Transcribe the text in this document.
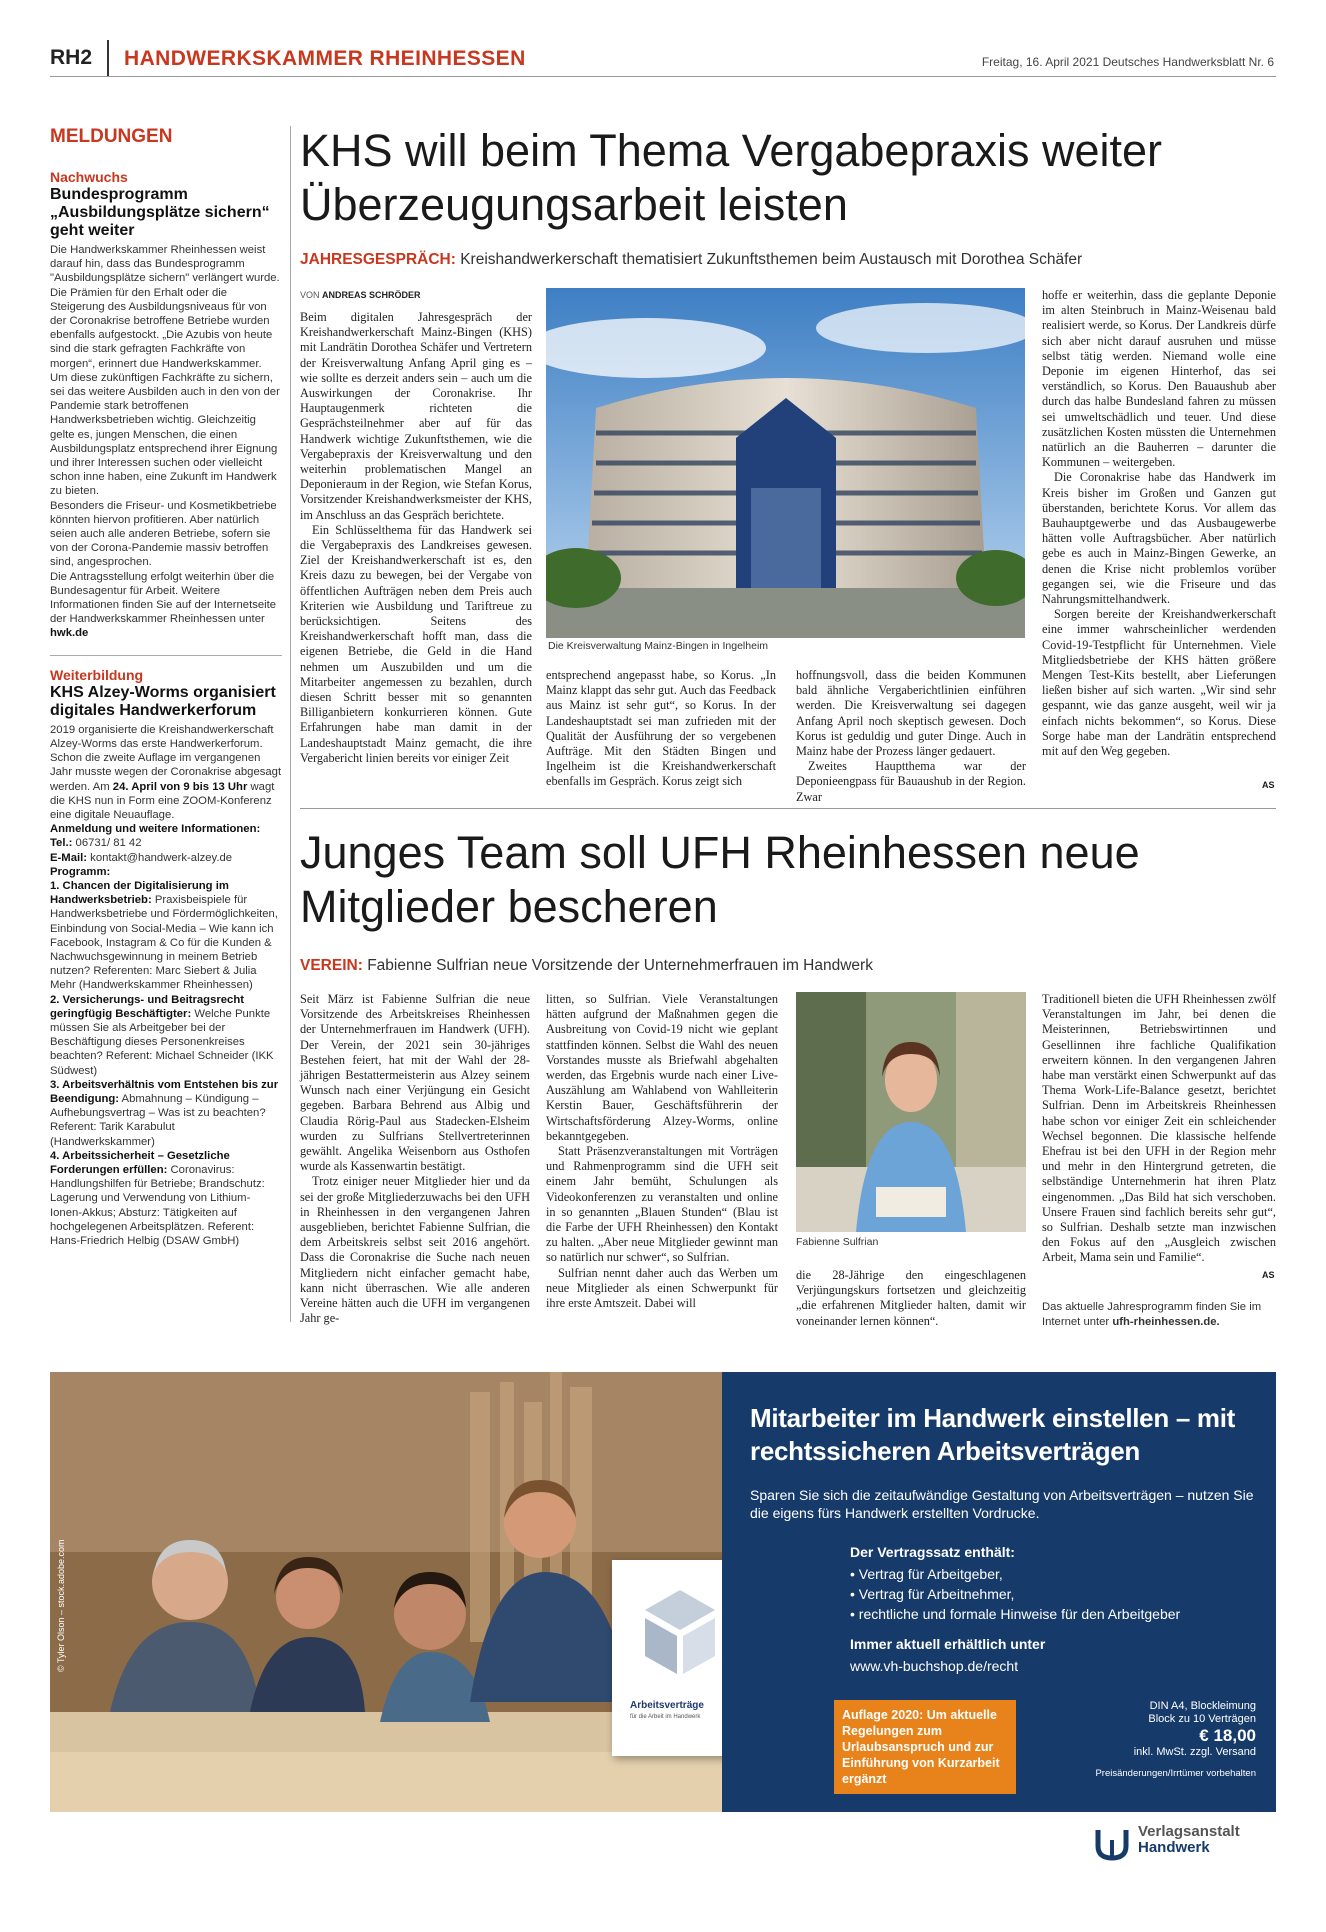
RH2 HANDWERKSKAMMER RHEINHESSEN	Freitag, 16. April 2021 Deutsches Handwerksblatt Nr. 6
MELDUNGEN
Nachwuchs
Bundesprogramm „Ausbildungsplätze sichern“ geht weiter

Die Handwerkskammer Rheinhessen weist darauf hin, dass das Bundesprogramm "Ausbildungsplätze sichern" verlängert wurde. Die Prämien für den Erhalt oder die Steigerung des Ausbildungsniveaus für von der Coronakrise betroffene Betriebe wurden ebenfalls aufgestockt. „Die Azubis von heute sind die stark gefragten Fachkräfte von morgen“, erinnert due Handwerkskammer. Um diese zukünftigen Fachkräfte zu sichern, sei das weitere Ausbilden auch in den von der Pandemie stark betroffenen Handwerksbetrieben wichtig. Gleichzeitig gelte es, jungen Menschen, die einen Ausbildungsplatz entsprechend ihrer Eignung und ihrer Interessen suchen oder vielleicht schon inne haben, eine Zukunft im Handwerk zu bieten.

Besonders die Friseur- und Kosmetikbetriebe könnten hiervon profitieren. Aber natürlich seien auch alle anderen Betriebe, sofern sie von der Corona-Pandemie massiv betroffen sind, angesprochen.

Die Antragsstellung erfolgt weiterhin über die Bundesagentur für Arbeit. Weitere Informationen finden Sie auf der Internetseite der Handwerkskammer Rheinhessen unter hwk.de

Weiterbildung
KHS Alzey-Worms organisiert digitales Handwerkerforum

2019 organisierte die Kreishandwerkerschaft Alzey-Worms das erste Handwerkerforum. Schon die zweite Auflage im vergangenen Jahr musste wegen der Coronakrise abgesagt werden. Am 24. April von 9 bis 13 Uhr wagt die KHS nun in Form eine ZOOM-Konferenz eine digitale Neuauflage.

Anmeldung und weitere Informationen:

Tel.: 06731/ 81 42

E-Mail: kontakt@handwerk-alzey.de

Programm:

1. Chancen der Digitalisierung im Handwerksbetrieb: Praxisbeispiele für Handwerksbetriebe und Fördermöglichkeiten, Einbindung von Social-Media – Wie kann ich Facebook, Instagram & Co für die Kunden & Nachwuchsgewinnung in meinem Betrieb nutzen? Referenten: Marc Siebert & Julia Mehr (Handwerkskammer Rheinhessen)

2. Versicherungs- und Beitragsrecht geringfügig Beschäftigter: Welche Punkte müssen Sie als Arbeitgeber bei der Beschäftigung dieses Personenkreises beachten? Referent: Michael Schneider (IKK Südwest)

3. Arbeitsverhältnis vom Entstehen bis zur Beendigung: Abmahnung – Kündigung – Aufhebungsvertrag – Was ist zu beachten? Referent: Tarik Karabulut (Handwerkskammer)

4. Arbeitssicherheit – Gesetzliche Forderungen erfüllen: Coronavirus: Handlungshilfen für Betriebe; Brandschutz: Lagerung und Verwendung von Lithium-Ionen-Akkus; Absturz: Tätigkeiten auf hochgelegenen Arbeitsplätzen. Referent: Hans-Friedrich Helbig (DSAW GmbH)

KHS will beim Thema Vergabepraxis weiter Überzeugungsarbeit leisten
JAHRESGESPRÄCH: Kreishandwerkerschaft thematisiert Zukunftsthemen beim Austausch mit Dorothea Schäfer
VON ANDREAS SCHRÖDER

Beim digitalen Jahresgespräch der Kreishandwerkerschaft Mainz-Bingen (KHS) mit Landrätin Dorothea Schäfer und Vertretern der Kreisverwaltung Anfang April ging es – wie sollte es derzeit anders sein – auch um die Auswirkungen der Coronakrise. Ihr Hauptaugenmerk richteten die Gesprächsteilnehmer aber auf für das Handwerk wichtige Zukunftsthemen, wie die Vergabepraxis der Kreisverwaltung und den weiterhin problematischen Mangel an Deponieraum in der Region, wie Stefan Korus, Vorsitzender Kreishandwerksmeister der KHS, im Anschluss an das Gespräch berichtete.

Ein Schlüsselthema für das Handwerk sei die Vergabepraxis des Landkreises gewesen. Ziel der Kreishandwerkerschaft ist es, den Kreis dazu zu bewegen, bei der Vergabe von öffentlichen Aufträgen neben dem Preis auch Kriterien wie Ausbildung und Tariftreue zu berücksichtigen. Seitens des Kreishandwerkerschaft hofft man, dass die eigenen Betriebe, die Geld in die Hand nehmen um Auszubilden und um die Mitarbeiter angemessen zu bezahlen, durch diesen Schritt besser mit so genannten Billiganbietern konkurrieren können. Gute Erfahrungen habe man damit in der Landeshauptstadt Mainz gemacht, die ihre Vergabericht linien bereits vor einiger Zeit

Die Kreisverwaltung Mainz-Bingen in Ingelheim

entsprechend angepasst habe, so Korus. „In Mainz klappt das sehr gut. Auch das Feedback aus Mainz ist sehr gut“, so Korus. In der Landeshauptstadt sei man zufrieden mit der Qualität der Ausführung der so vergebenen Aufträge. Mit den Städten Bingen und Ingelheim ist die Kreishandwerkerschaft ebenfalls im Gespräch. Korus zeigt sich

hoffnungsvoll, dass die beiden Kommunen bald ähnliche Vergaberichtlinien einführen werden. Die Kreisverwaltung sei dagegen Anfang April noch skeptisch gewesen. Doch Korus ist geduldig und guter Dinge. Auch in Mainz habe der Prozess länger gedauert.

Zweites Hauptthema war der Deponieengpass für Bauaushub in der Region. Zwar

hoffe er weiterhin, dass die geplante Deponie im alten Steinbruch in Mainz-Weisenau bald realisiert werde, so Korus. Der Landkreis dürfe sich aber nicht darauf ausruhen und müsse selbst tätig werden. Niemand wolle eine Deponie im eigenen Hinterhof, das sei verständlich, so Korus. Den Bauaushub aber durch das halbe Bundesland fahren zu müssen sei umweltschädlich und teuer. Und diese zusätzlichen Kosten müssten die Unternehmen natürlich an die Bauherren – darunter die Kommunen – weitergeben.

Die Coronakrise habe das Handwerk im Kreis bisher im Großen und Ganzen gut überstanden, berichtete Korus. Vor allem das Bauhauptgewerbe und das Ausbaugewerbe hätten volle Auftragsbücher. Aber natürlich gebe es auch in Mainz-Bingen Gewerke, an denen die Krise nicht problemlos vorüber gegangen sei, wie die Friseure und das Nahrungsmittelhandwerk.

Sorgen bereite der Kreishandwerkerschaft eine immer wahrscheinlicher werdenden Covid-19-Testpflicht für Unternehmen. Viele Mitgliedsbetriebe der KHS hätten größere Mengen Test-Kits bestellt, aber Lieferungen ließen bisher auf sich warten. „Wir sind sehr gespannt, wie das ganze ausgeht, weil wir ja einfach nichts bekommen“, so Korus. Diese Sorge habe man der Landrätin entsprechend mit auf den Weg gegeben.

AS
Junges Team soll UFH Rheinhessen neue Mitglieder bescheren
VEREIN: Fabienne Sulfrian neue Vorsitzende der Unternehmerfrauen im Handwerk

Seit März ist Fabienne Sulfrian die neue Vorsitzende des Arbeitskreises Rheinhessen der Unternehmerfrauen im Handwerk (UFH). Der Verein, der 2021 sein 30-jähriges Bestehen feiert, hat mit der Wahl der 28-jährigen Bestattermeisterin aus Alzey seinem Wunsch nach einer Verjüngung ein Gesicht gegeben. Barbara Behrend aus Albig und Claudia Rörig-Paul aus Stadecken-Elsheim wurden zu Sulfrians Stellvertreterinnen gewählt. Angelika Weisenborn aus Osthofen wurde als Kassenwartin bestätigt.

Trotz einiger neuer Mitglieder hier und da sei der große Mitgliederzuwachs bei den UFH in Rheinhessen in den vergangenen Jahren ausgeblieben, berichtet Fabienne Sulfrian, die dem Arbeitskreis selbst seit 2016 angehört. Dass die Coronakrise die Suche nach neuen Mitgliedern nicht einfacher gemacht habe, kann nicht überraschen. Wie alle anderen Vereine hätten auch die UFH im vergangenen Jahr ge-

litten, so Sulfrian. Viele Veranstaltungen hätten aufgrund der Maßnahmen gegen die Ausbreitung von Covid-19 nicht wie geplant stattfinden können. Selbst die Wahl des neuen Vorstandes musste als Briefwahl abgehalten werden, das Ergebnis wurde nach einer Live-Auszählung am Wahlabend von Wahlleiterin Kerstin Bauer, Geschäftsführerin der Wirtschaftsförderung Alzey-Worms, online bekanntgegeben.

Statt Präsenzveranstaltungen mit Vorträgen und Rahmenprogramm sind die UFH seit einem Jahr bemüht, Schulungen als Videokonferenzen zu veranstalten und online in so genannten „Blauen Stunden“ (Blau ist die Farbe der UFH Rheinhessen) den Kontakt zu halten. „Aber neue Mitglieder gewinnt man so natürlich nur schwer“, so Sulfrian.

Sulfrian nennt daher auch das Werben um neue Mitglieder als einen Schwerpunkt für ihre erste Amtszeit. Dabei will

Fabienne Sulfrian

die 28-Jährige den eingeschlagenen Verjüngungskurs fortsetzen und gleichzeitig „die erfahrenen Mitglieder halten, damit wir voneinander lernen können“.

Traditionell bieten die UFH Rheinhessen zwölf Veranstaltungen im Jahr, bei denen die Meisterinnen, Betriebswirtinnen und Gesellinnen ihre fachliche Qualifikation erweitern können. In den vergangenen Jahren habe man verstärkt einen Schwerpunkt auf das Thema Work-Life-Balance gesetzt, berichtet Sulfrian. Denn im Arbeitskreis Rheinhessen habe schon vor einiger Zeit ein schleichender Wechsel begonnen. Die klassische helfende Ehefrau ist bei den UFH in der Region mehr und mehr in den Hintergrund getreten, die selbständige Unternehmerin hat ihren Platz eingenommen. „Das Bild hat sich verschoben. Unsere Frauen sind fachlich bereits sehr gut“, so Sulfrian. Deshalb setzte man inzwischen den Fokus auf den „Ausgleich zwischen Arbeit, Mama sein und Familie“.

AS
Das aktuelle Jahresprogramm finden Sie im Internet unter ufh-rheinhessen.de.
© Tyler Olson – stock.adobe.com
Arbeitsverträge
für die Arbeit im Handwerk
Mitarbeiter im Handwerk einstellen – mit rechtssicheren Arbeitsverträgen
Sparen Sie sich die zeitaufwändige Gestaltung von Arbeitsverträgen – nutzen Sie die eigens fürs Handwerk erstellten Vordrucke.
Der Vertragssatz enthält:
• Vertrag für Arbeitgeber,
• Vertrag für Arbeitnehmer,
• rechtliche und formale Hinweise für den Arbeitgeber
Immer aktuell erhältlich unter
www.vh-buchshop.de/recht
DIN A4, Blockleimung
Block zu 10 Verträgen
€ 18,00
inkl. MwSt. zzgl. Versand
Preisänderungen/Irrtümer vorbehalten
Auflage 2020: Um aktuelle Regelungen zum Urlaubsanspruch und zur Einführung von Kurzarbeit ergänzt
Verlagsanstalt
Handwerk
